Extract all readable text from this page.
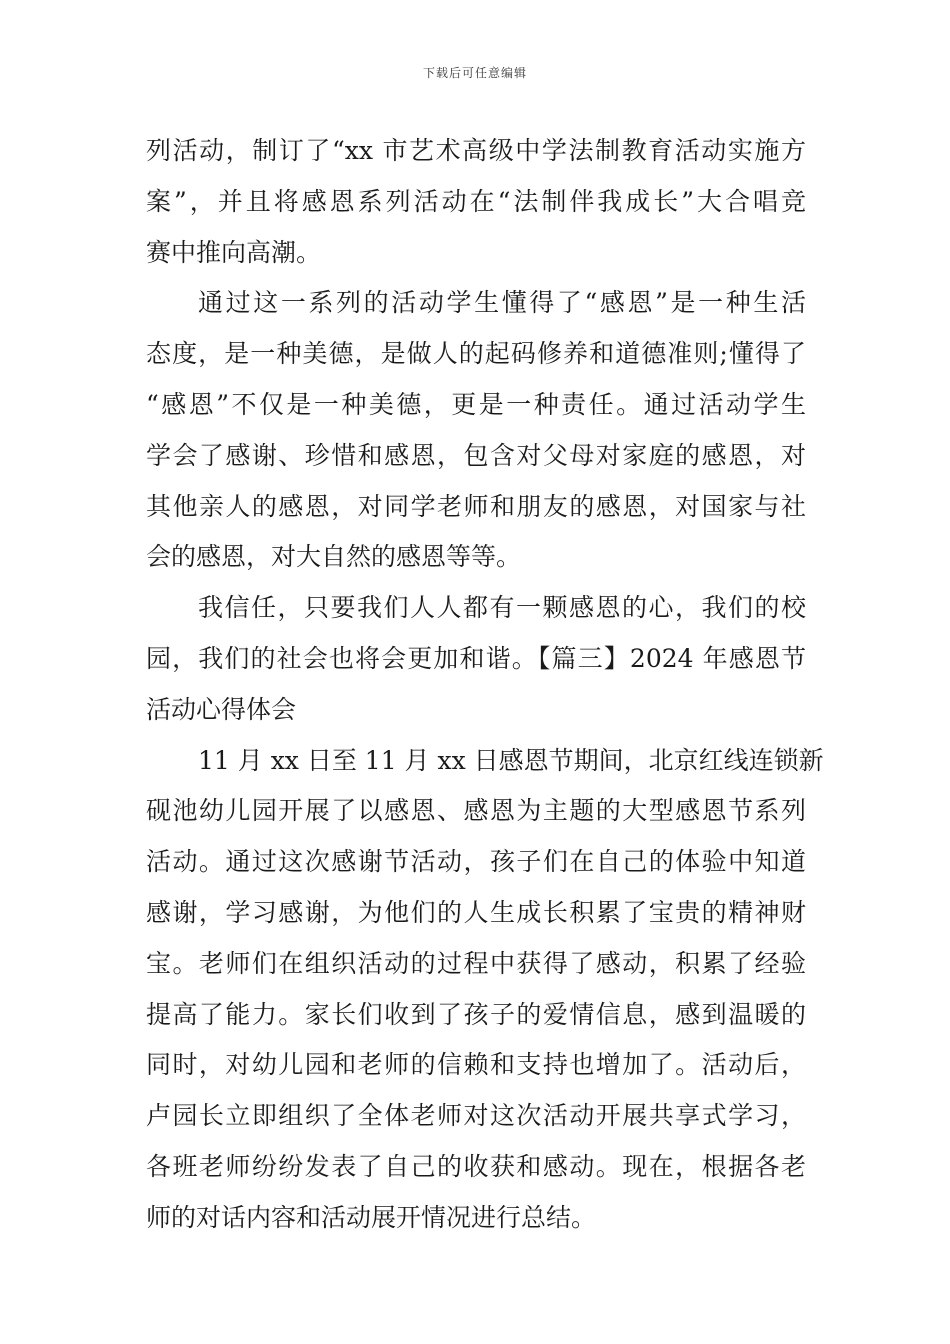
下载后可任意编辑
列活动，制订了“xx 市艺术高级中学法制教育活动实施方
案”，并且将感恩系列活动在“法制伴我成长”大合唱竞
赛中推向高潮。
通过这一系列的活动学生懂得了“感恩”是一种生活
态度，是一种美德，是做人的起码修养和道德准则;懂得了
“感恩”不仅是一种美德，更是一种责任。通过活动学生
学会了感谢、珍惜和感恩，包含对父母对家庭的感恩，对
其他亲人的感恩，对同学老师和朋友的感恩，对国家与社
会的感恩，对大自然的感恩等等。
我信任，只要我们人人都有一颗感恩的心，我们的校
园，我们的社会也将会更加和谐。【篇三】2024 年感恩节
活动心得体会
11 月 xx 日至 11 月 xx 日感恩节期间，北京红线连锁新
砚池幼儿园开展了以感恩、感恩为主题的大型感恩节系列
活动。通过这次感谢节活动，孩子们在自己的体验中知道
感谢，学习感谢，为他们的人生成长积累了宝贵的精神财
宝。老师们在组织活动的过程中获得了感动，积累了经验
提高了能力。家长们收到了孩子的爱情信息，感到温暖的
同时，对幼儿园和老师的信赖和支持也增加了。活动后，
卢园长立即组织了全体老师对这次活动开展共享式学习，
各班老师纷纷发表了自己的收获和感动。现在，根据各老
师的对话内容和活动展开情况进行总结。
